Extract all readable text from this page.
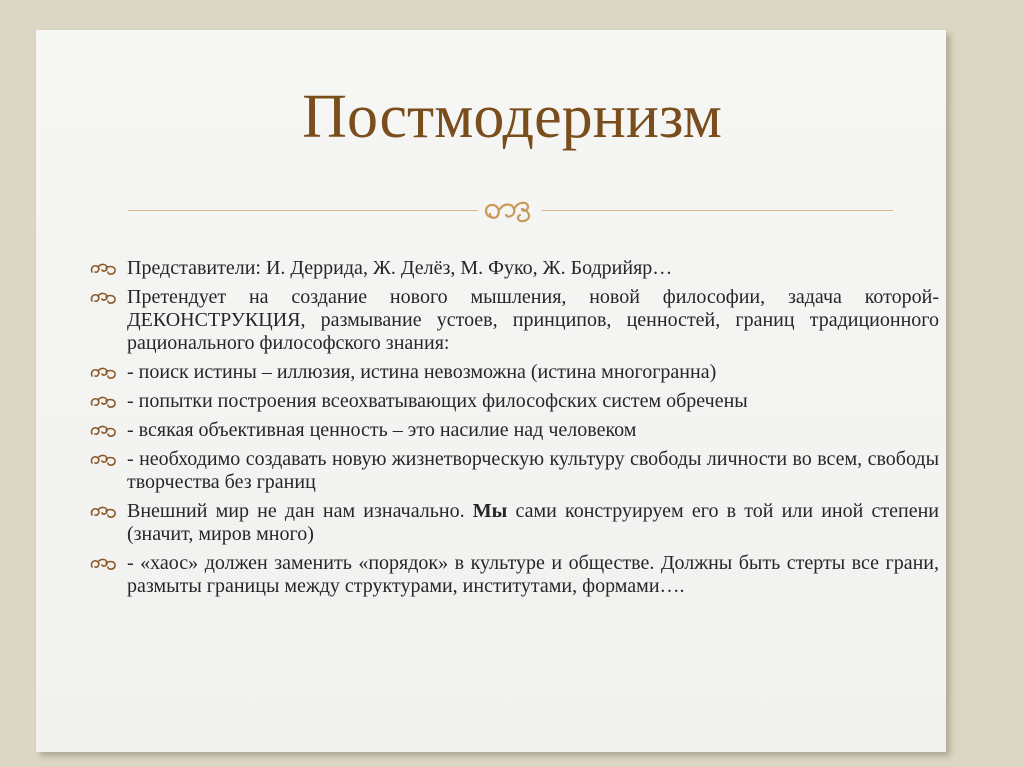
Постмодернизм
Представители: И. Деррида, Ж. Делёз, М. Фуко, Ж. Бодрийяр…
Претендует на создание нового мышления, новой философии, задача которой- ДЕКОНСТРУКЦИЯ, размывание устоев, принципов, ценностей, границ традиционного рационального философского знания:
- поиск истины – иллюзия, истина невозможна (истина многогранна)
- попытки построения всеохватывающих философских систем обречены
- всякая объективная ценность – это насилие над человеком
- необходимо создавать новую жизнетворческую культуру свободы личности во всем, свободы творчества без границ
Внешний мир не дан нам изначально. Мы сами конструируем его в той или иной степени (значит, миров много)
- «хаос» должен заменить «порядок» в культуре и обществе. Должны быть стерты все грани, размыты границы между структурами, институтами, формами….
